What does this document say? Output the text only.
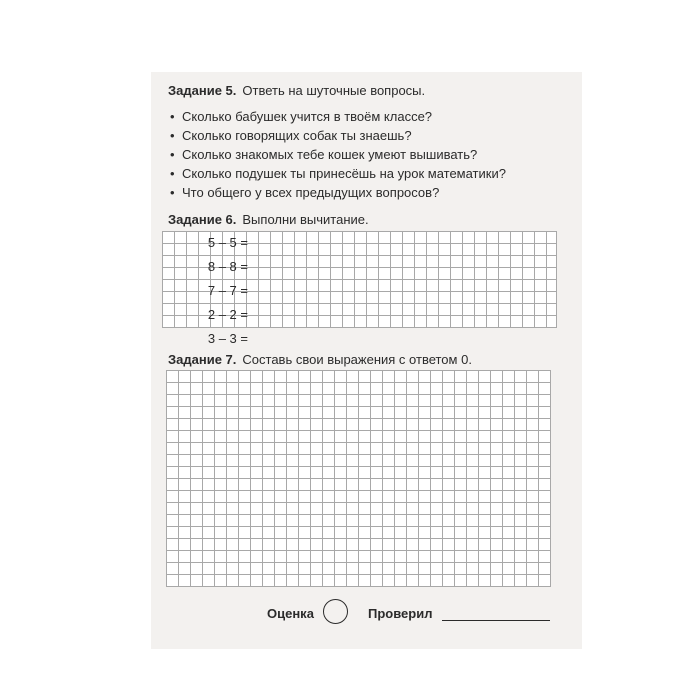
Задание 5. Ответь на шуточные вопросы.
• Сколько бабушек учится в твоём классе?
• Сколько говорящих собак ты знаешь?
• Сколько знакомых тебе кошек умеют вышивать?
• Сколько подушек ты принесёшь на урок математики?
• Что общего у всех предыдущих вопросов?
Задание 6. Выполни вычитание.
5 – 5 =
8 – 8 =
7 – 7 =
2 – 2 =
3 – 3 =
Задание 7. Составь свои выражения с ответом 0.
Оценка	Проверил
